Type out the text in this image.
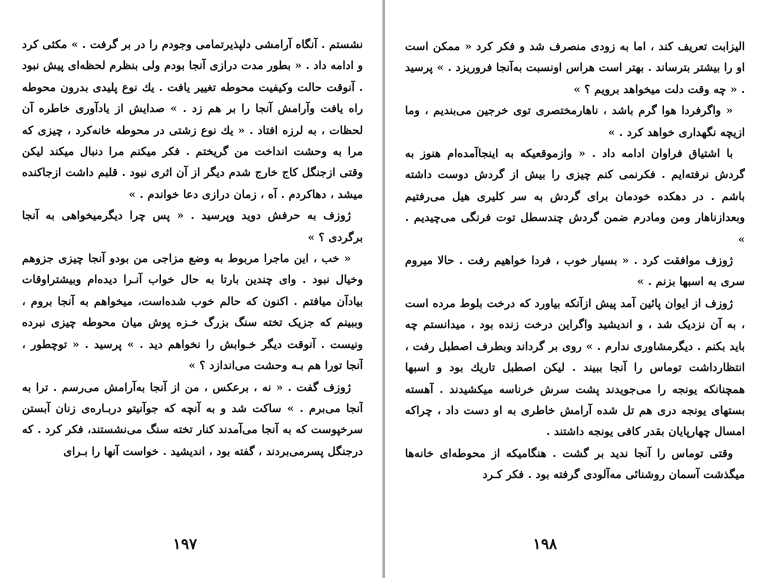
نشستم . آنگاه آرامشی دلپذیرتمامی وجودم را در بر گرفت . » مکثی کرد و ادامه داد . « بطور مدت درازی آنجا بودم ولی بنظرم لحظه‌ای پیش نبود . آنوقت حالت وکیفیت محوطه تغییر یافت . یك نوع پلیدی بدرون محوطه راه یافت وآرامش آنجا را بر هم زد . » صدایش از یادآوری خاطره آن لحظات ، به لرزه افتاد . « یك نوع زشتی در محوطه خانه‌کرد ، چیزی که مرا به وحشت انداخت من گریختم . فکر میکنم مرا دنبال میکند لیکن وقتی ازجنگل کاج خارج شدم دیگر از آن اثری نبود . قلبم داشت ازجاکنده میشد ، دهاکردم . آه ، زمان درازی دعا خواندم . »

ژوزف به حرفش دوید وپرسید . « پس چرا دیگرمیخواهی به آنجا برگردی ؟ »

« خب ، این ماجرا مربوط به وضع مزاجی من بودو آنجا چیزی جزوهم وخیال نبود . وای چندین بارتا به حال خواب آنـرا دیده‌ام وبیشتراوقات بیادآن میافتم . اکنون که حالم خوب شده‌است، میخواهم به آنجا بروم ، وببینم که جزیک تخته سنگ بزرگ خـزه پوش میان محوطه چیزی نبرده ونیست . آنوقت دیگر خـوابش را نخواهم دید . » پرسید . « توچطور ، آنجا تورا هم بـه وحشت می‌اندازد ؟ »

ژوزف گفت . « نه ، برعکس ، من از آنجا به‌آرامش می‌رسم . ترا به آنجا می‌برم . » ساکت شد و به آنچه که جوآنیتو دربـاره‌ی زنان آبستن سرخپوست که به آنجا می‌آمدند کنار تخته سنگ می‌نشستند، فکر کرد . که درجنگل پسرمی‌بردند ، گفته بود ، اندیشید . خواست آنها را بـرای

۱۹۷

الیزابت تعریف کند ، اما به زودی منصرف شد و فکر کرد « ممکن است او را بیشتر بترساند . بهتر است هراس اونسبت به‌آنجا فروریزد . » پرسید . « چه وقت دلت میخواهد برویم ؟ »

« واگرفردا هوا گرم باشد ، ناهارمختصری توی خرجین می‌بندیم ، وما ازیچه نگهداری خواهد کرد . »

با اشتیاق فراوان ادامه داد . « وازموقعیکه به اینجاآمده‌ام هنوز به گردش نرفته‌ایم . فکرنمی کنم چیزی را بیش از گردش دوست داشته باشم . در دهکده خودمان برای گردش به سر کلیری هیل می‌رفتیم وبعدازناهار ومن ومادرم ضمن گردش چندسطل توت فرنگی می‌چیدیم . »

ژوزف موافقت کرد . « بسیار خوب ، فردا خواهیم رفت . حالا میروم سری به اسبها بزنم . »

ژوزف از ایوان پائین آمد پیش ازآنکه بیاورد که درخت بلوط مرده است ، به آن نزدیک شد ، و اندیشید واگراین درخت زنده بود ، میدانستم چه باید بکنم . دیگرمشاوری ندارم . » روی بر گرداند وبطرف اصطبل رفت ، انتظارداشت توماس را آنجا ببیند . لیکن اصطبل تاریك بود و اسبها همچنانکه یونجه را می‌جویدند پشت سرش خرناسه میکشیدند . آهسته بستهای یونجه دری هم تل شده آرامش خاطری به او دست داد ، چراکه امسال چهارپایان بقدر کافی یونجه داشتند .

وقتی توماس را آنجا ندید بر گشت . هنگامیکه از محوطه‌ای خانه‌ها میگذشت آسمان روشنائی مه‌آلودی گرفته بود . فکر کـرد

۱۹۸
